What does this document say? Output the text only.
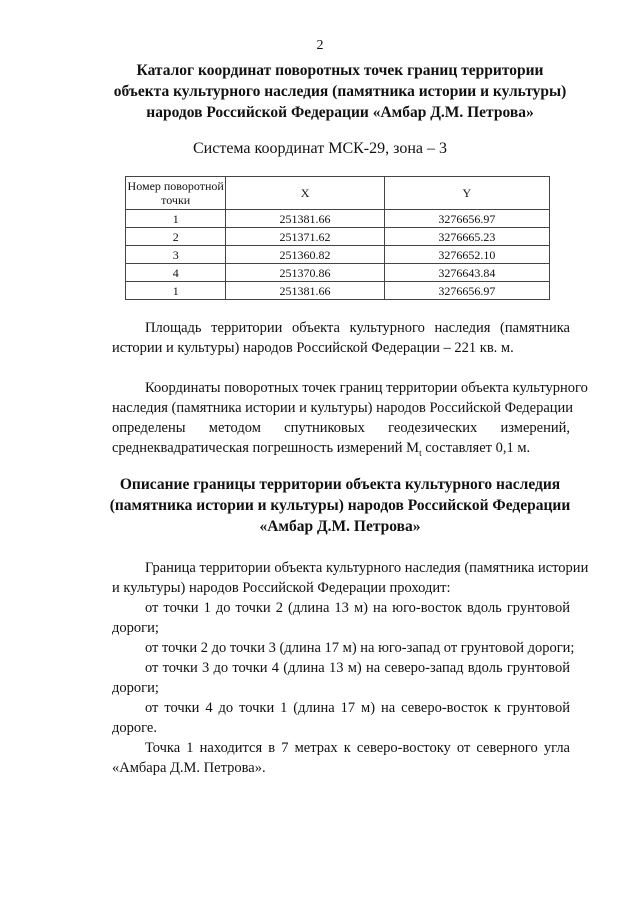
2
Каталог координат поворотных точек границ территории
объекта культурного наследия (памятника истории и культуры)
народов Российской Федерации «Амбар Д.М. Петрова»
Система координат МСК-29, зона – 3
Номер поворотной точки	X	Y
1	251381.66	3276656.97
2	251371.62	3276665.23
3	251360.82	3276652.10
4	251370.86	3276643.84
1	251381.66	3276656.97
Площадь территории объекта культурного наследия (памятника
истории и культуры) народов Российской Федерации – 221 кв. м.
Координаты поворотных точек границ территории объекта культурного
наследия (памятника истории и культуры) народов Российской Федерации
определены методом спутниковых геодезических измерений,
среднеквадратическая погрешность измерений $М_t$ составляет 0,1 м.
Описание границы территории объекта культурного наследия
(памятника истории и культуры) народов Российской Федерации
«Амбар Д.М. Петрова»
Граница территории объекта культурного наследия (памятника истории
и культуры) народов Российской Федерации проходит:
от точки 1 до точки 2 (длина 13 м) на юго-восток вдоль грунтовой
дороги;
от точки 2 до точки 3 (длина 17 м) на юго-запад от грунтовой дороги;
от точки 3 до точки 4 (длина 13 м) на северо-запад вдоль грунтовой
дороги;
от точки 4 до точки 1 (длина 17 м) на северо-восток к грунтовой
дороге.
Точка 1 находится в 7 метрах к северо-востоку от северного угла
«Амбара Д.М. Петрова».
